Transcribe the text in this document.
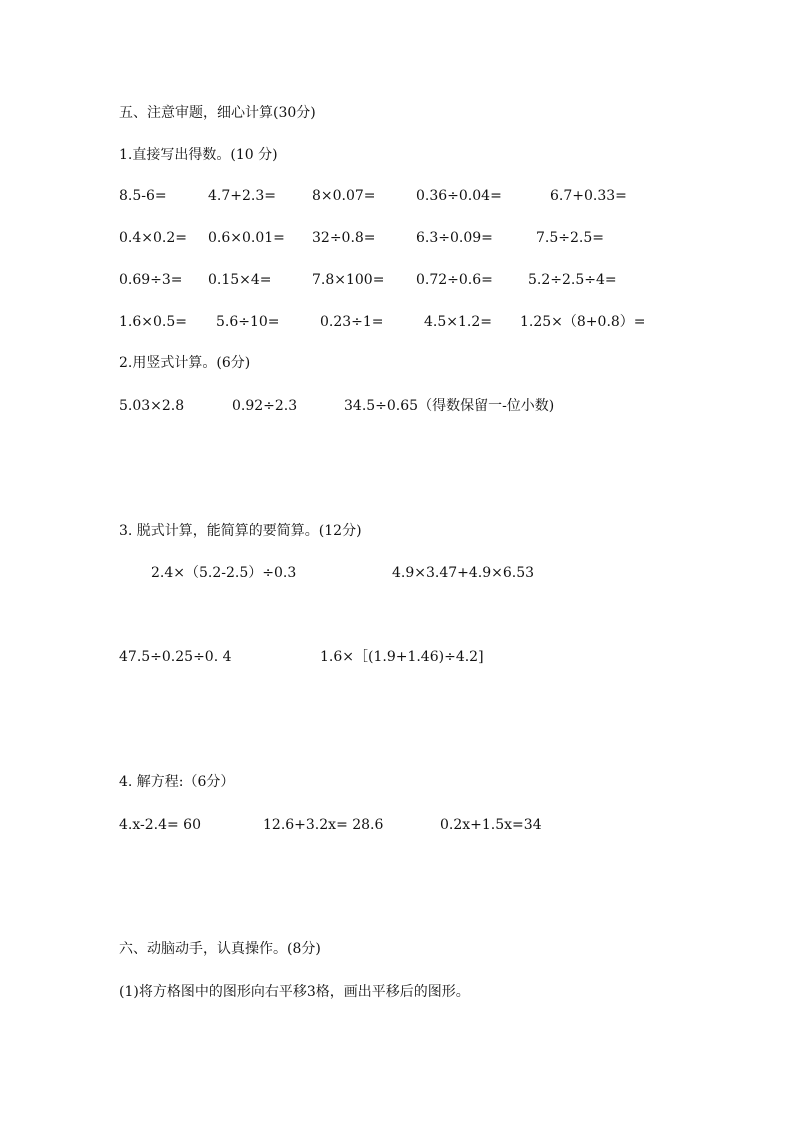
五、注意审题，细心计算(30分)
1.直接写出得数。(10 分)
8.5-6=	4.7+2.3=	8×0.07=	0.36÷0.04=	6.7+0.33=
0.4×0.2= 0.6×0.01= 32÷0.8=	6.3÷0.09=	7.5÷2.5=
0.69÷3= 0.15×4=	7.8×100= 0.72÷0.6=	5.2÷2.5÷4=
1.6×0.5= 5.6÷10=	0.23÷1=	4.5×1.2= 1.25×（8+0.8）=
2.用竖式计算。(6分)
5.03×2.8	0.92÷2.3	34.5÷0.65（得数保留一-位小数)
3. 脱式计算，能简算的要简算。(12分)
2.4×（5.2-2.5）÷0.3	4.9×3.47+4.9×6.53
47.5÷0.25÷0. 4	1.6×［(1.9+1.46)÷4.2]
4. 解方程:（6分）
4.x-2.4= 60	12.6+3.2x= 28.6	0.2x+1.5x=34
六、动脑动手，认真操作。(8分)
(1)将方格图中的图形向右平移3格，画出平移后的图形。
